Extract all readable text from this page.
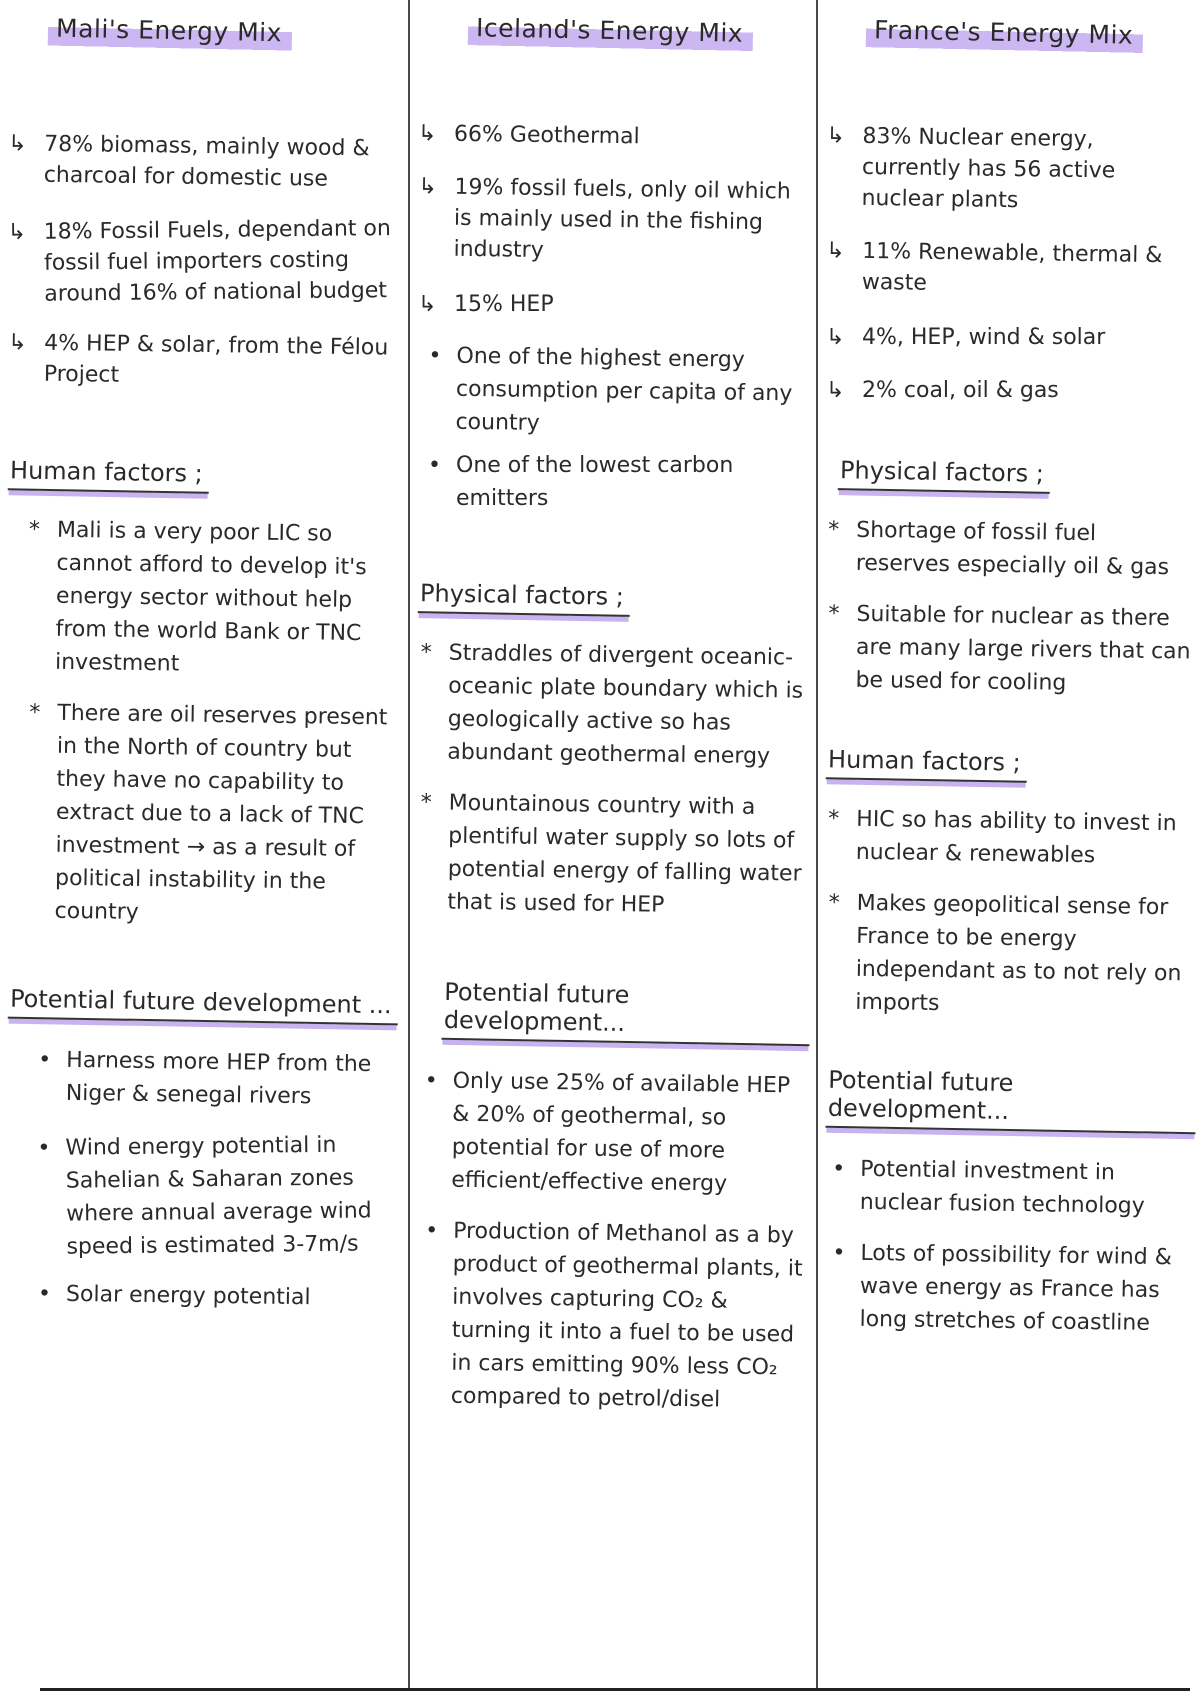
Mali's Energy Mix
↳ 78% biomass, mainly wood & charcoal for domestic use
↳ 18% Fossil Fuels, dependant on fossil fuel importers costing around 16% of national budget
↳ 4% HEP & solar, from the Félou Project
Human factors ;
* Mali is a very poor LIC so cannot afford to develop it's energy sector without help from the world Bank or TNC investment
* There are oil reserves present in the North of country but they have no capability to extract due to a lack of TNC investment → as a result of political instability in the country
Potential future development ...
• Harness more HEP from the Niger & senegal rivers
• Wind energy potential in Sahelian & Saharan zones where annual average wind speed is estimated 3-7m/s
• Solar energy potential
Iceland's Energy Mix
↳ 66% Geothermal
↳ 19% fossil fuels, only oil which is mainly used in the fishing industry
↳ 15% HEP
• One of the highest energy consumption per capita of any country
• One of the lowest carbon emitters
Physical factors ;
* Straddles of divergent oceanic-oceanic plate boundary which is geologically active so has abundant geothermal energy
* Mountainous country with a plentiful water supply so lots of potential energy of falling water that is used for HEP
Potential future development...
• Only use 25% of available HEP & 20% of geothermal, so potential for use of more efficient/effective energy
• Production of Methanol as a by product of geothermal plants, it involves capturing CO₂ & turning it into a fuel to be used in cars emitting 90% less CO₂ compared to petrol/disel
France's Energy Mix
↳ 83% Nuclear energy, currently has 56 active nuclear plants
↳ 11% Renewable, thermal & waste
↳ 4%, HEP, wind & solar
↳ 2% coal, oil & gas
Physical factors ;
* Shortage of fossil fuel reserves especially oil & gas
* Suitable for nuclear as there are many large rivers that can be used for cooling
Human factors ;
* HIC so has ability to invest in nuclear & renewables
* Makes geopolitical sense for France to be energy independant as to not rely on imports
Potential future development...
• Potential investment in nuclear fusion technology
• Lots of possibility for wind & wave energy as France has long stretches of coastline
